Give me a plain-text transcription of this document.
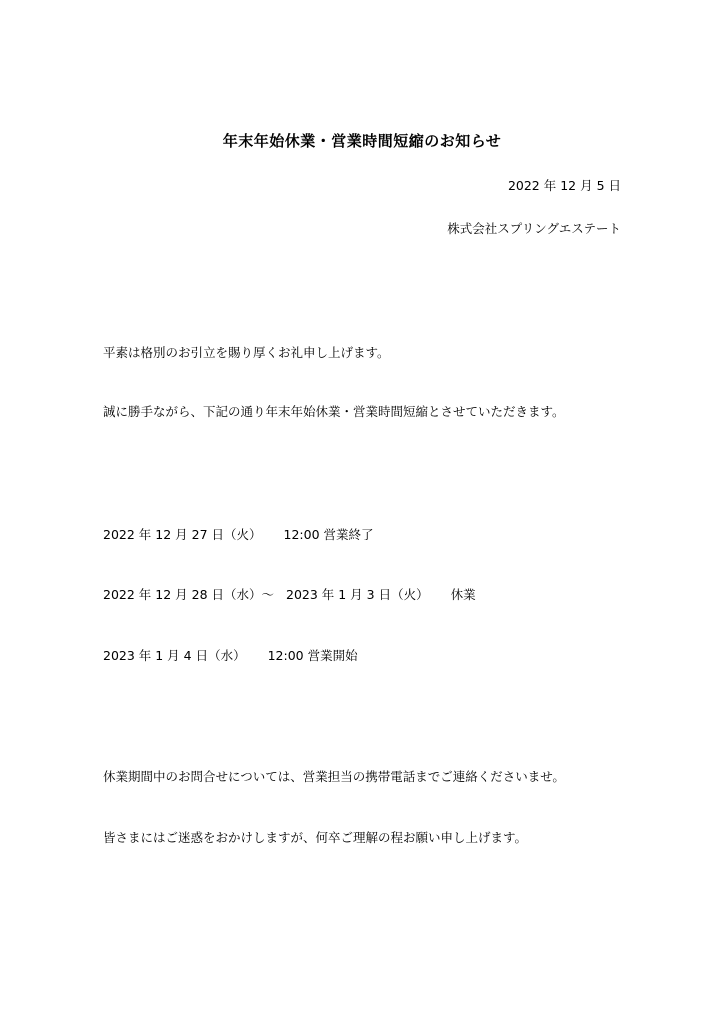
年末年始休業・営業時間短縮のお知らせ
2022 年 12 月 5 日
株式会社スプリングエステート
平素は格別のお引立を賜り厚くお礼申し上げます。
誠に勝手ながら、下記の通り年末年始休業・営業時間短縮とさせていただきます。
2022 年 12 月 27 日（火） 12:00 営業終了
2022 年 12 月 28 日（水）～ 2023 年 1 月 3 日（火） 休業
2023 年 1 月 4 日（水） 12:00 営業開始
休業期間中のお問合せについては、営業担当の携帯電話までご連絡くださいませ。
皆さまにはご迷惑をおかけしますが、何卒ご理解の程お願い申し上げます。
